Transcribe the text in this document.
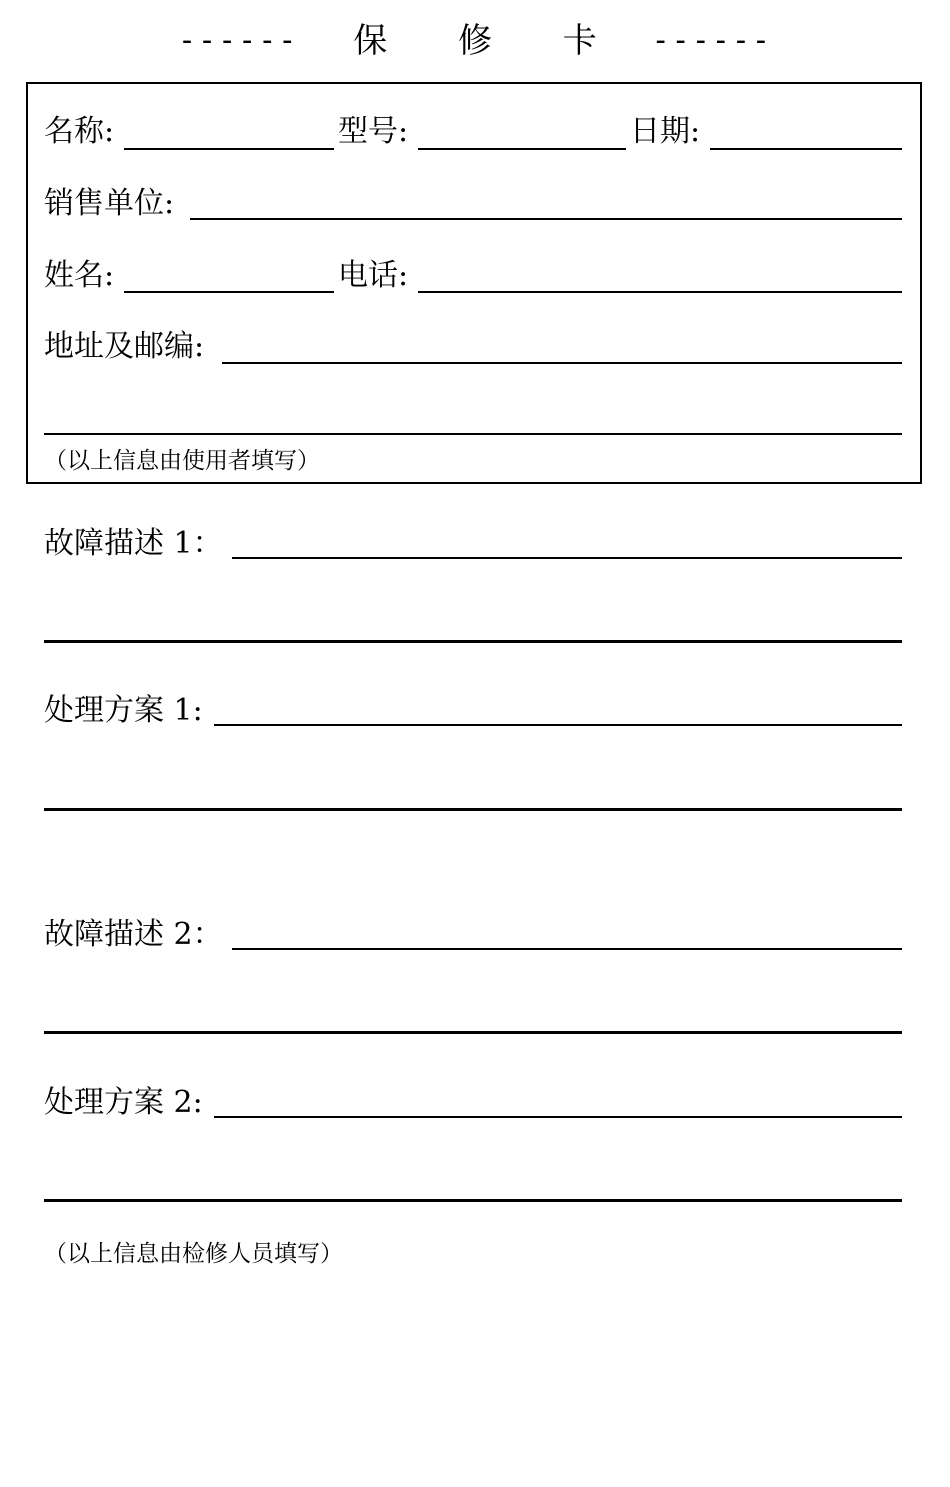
------ 保 修 卡 ------
名称:	型号:	日期:
销售单位:
姓名:	电话:
地址及邮编:
（以上信息由使用者填写）
故障描述 1：
处理方案 1:
故障描述 2：
处理方案 2:
（以上信息由检修人员填写）
